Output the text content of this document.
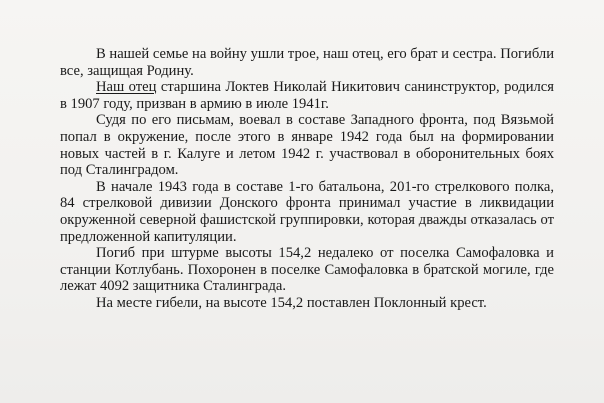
В нашей семье на войну ушли трое, наш отец, его брат и сестра. Погибли все, защищая Родину.

Наш отец старшина Локтев Николай Никитович санинструктор, родился в 1907 году, призван в армию в июле 1941г.

Судя по его письмам, воевал в составе Западного фронта, под Вязьмой попал в окружение, после этого в январе 1942 года был на формировании новых частей в г. Калуге и летом 1942 г. участвовал в оборонительных боях под Сталинградом.

В начале 1943 года в составе 1-го батальона, 201-го стрелкового полка, 84 стрелковой дивизии Донского фронта принимал участие в ликвидации окруженной северной фашистской группировки, которая дважды отказалась от предложенной капитуляции.

Погиб при штурме высоты 154,2 недалеко от поселка Самофаловка и станции Котлубань. Похоронен в поселке Самофаловка в братской могиле, где лежат 4092 защитника Сталинграда.

На месте гибели, на высоте 154,2 поставлен Поклонный крест.
